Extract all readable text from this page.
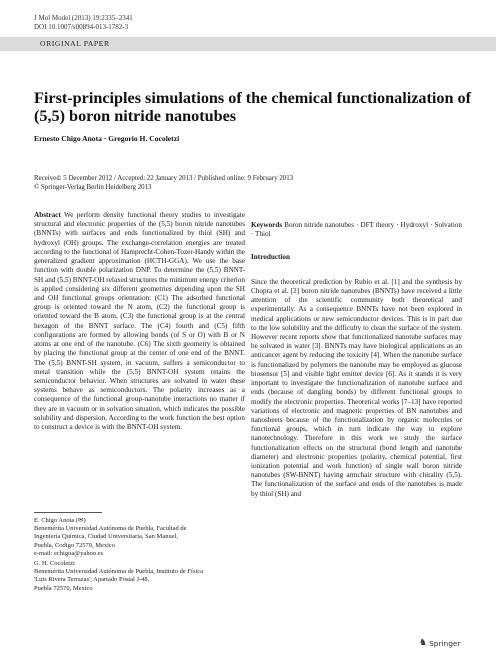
J Mol Model (2013) 19:2335–2341
DOI 10.1007/s00894-013-1782-3
ORIGINAL PAPER
First-principles simulations of the chemical functionalization of (5,5) boron nitride nanotubes
Ernesto Chigo Anota · Gregorio H. Cocoletzi
Received: 5 December 2012 / Accepted: 22 January 2013 / Published online: 9 February 2013
© Springer-Verlag Berlin Heidelberg 2013

Abstract We perform density functional theory studies to investigate structural and electronic properties of the (5,5) boron nitride nanotubes (BNNTs) with surfaces and ends functionalized by thiol (SH) and hydroxyl (OH) groups. The exchange-correlation energies are treated according to the functional of Hamprecht-Cohen-Tozer-Handy within the generalized gradient approximation (HCTH-GGA). We use the base function with double polarization DNP. To determine the (5,5) BNNT-SH and (5,5) BNNT-OH relaxed structures the minimum energy criterion is applied considering six different geometries depending upon the SH and OH functional groups orientation: (C1) The adsorbed functional group is oriented toward the N atom, (C2) the functional group is oriented toward the B atom, (C3) the functional group is at the central hexagon of the BNNT surface. The (C4) fourth and (C5) fifth configurations are formed by allowing bonds (of S or O) with B or N atoms at one end of the nanotube. (C6) The sixth geometry is obtained by placing the functional group at the center of one end of the BNNT. The (5,5) BNNT-SH system, in vacuum, suffers a semiconductor to metal transition while the (5,5) BNNT-OH system retains the semiconductor behavior. When structures are solvated in water these systems behave as semiconductors. The polarity increases as a consequence of the functional group-nanotube interactions no matter if they are in vacuum or in solvation situation, which indicates the possible solubility and dispersion. According to the work function the best option to construct a device is with the BNNT-OH system.

Keywords Boron nitride nanotubes · DFT theory · Hydroxyl · Solvation · Thiol

Introduction

Since the theoretical prediction by Rubio et al. [1] and the synthesis by Chopra et al. [2] boron nitride nanotubes (BNNTs) have received a little attention of the scientific community both theoretical and experimentally. As a consequence BNNTs have not been explored in medical applications or new semiconductor devices. This is in part due to the low solubility and the difficulty to clean the surface of the system. However recent reports show that functionalized nanotube surfaces may be solvated in water [3]. BNNTs may have biological applications as an anticancer agent by reducing the toxicity [4]. When the nanotube surface is functionalized by polymers the nanotube may be employed as glucose biosensor [5] and visible light emitter device [6]. As it stands it is very important to investigate the functionalization of nanotube surface and ends (because of dangling bonds) by different functional groups to modify the electronic properties. Theoretical works [7–13] have reported variations of electronic and magnetic properties of BN nanotubes and nanosheets because of the functionalization by organic molecules or functional groups, which in turn indicate the way to explore nanotechnology. Therefore in this work we study the surface functionalization effects on the structural (bond length and nanotube diameter) and electronic properties (polarity, chemical potential, first ionization potential and work function) of single wall boron nitride nanotubes (SW-BNNT) having armchair structure with chirality (5,5). The functionalization of the surface and ends of the nanotubes is made by thiol (SH) and

E. Chigo Anota (✉)
Benemérita Universidad Autónoma de Puebla, Facultad de
Ingeniería Química, Ciudad Universitaria, San Manuel,
Puebla, Codigo 72570, Mexico
e-mail: echigoa@yahoo.es
G. H. Cocoletzi
Benemérita Universidad Autónoma de Puebla, Instituto de Física
'Luis Rivera Terrazas', Apartado Postal J-48,
Puebla 72570, Mexico
♞ Springer
